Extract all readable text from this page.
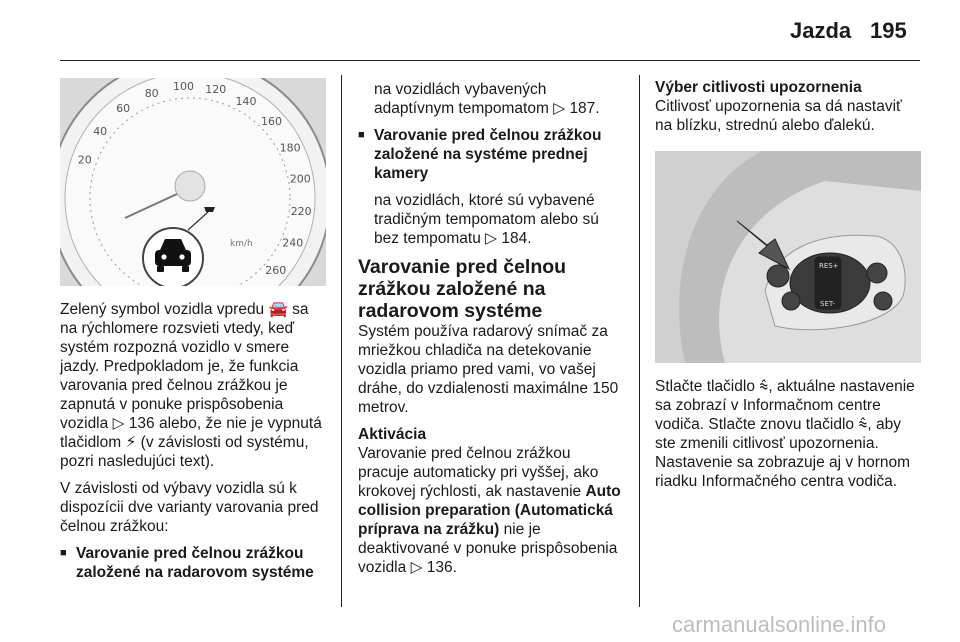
Jazda 195
20
40
60
80
100 120
140
160
180
200
220
240
260
km/h

Zelený symbol vozidla vpredu 🚘 sa na rýchlomere rozsvieti vtedy, keď systém rozpozná vozidlo v smere jazdy. Predpokladom je, že funkcia varovania pred čelnou zrážkou je zapnutá v ponuke prispôsobenia vozidla ▷ 136 alebo, že nie je vypnutá tlačidlom ⚡ (v závislosti od systému, pozri nasledujúci text).

V závislosti od výbavy vozidla sú k dispozícii dve varianty varovania pred čelnou zrážkou:

■ Varovanie pred čelnou zrážkou založené na radarovom systéme
na vozidlách vybavených adaptívnym tempomatom ▷ 187.
■ Varovanie pred čelnou zrážkou založené na systéme prednej kamery
na vozidlách, ktoré sú vybavené tradičným tempomatom alebo sú bez tempomatu ▷ 184.
Varovanie pred čelnou zrážkou založené na radarovom systéme

Systém používa radarový snímač za mriežkou chladiča na detekovanie vozidla priamo pred vami, vo vašej dráhe, do vzdialenosti maximálne 150 metrov.

Aktivácia

Varovanie pred čelnou zrážkou pracuje automaticky pri vyššej, ako krokovej rýchlosti, ak nastavenie Auto collision preparation (Automatická príprava na zrážku) nie je deaktivované v ponuke prispôsobenia vozidla ▷ 136.

Výber citlivosti upozornenia

Citlivosť upozornenia sa dá nastaviť na blízku, strednú alebo ďalekú.

RES+
SET-

Stlačte tlačidlo ⩯, aktuálne nastavenie sa zobrazí v Informačnom centre vodiča. Stlačte znovu tlačidlo ⩯, aby ste zmenili citlivosť upozornenia. Nastavenie sa zobrazuje aj v hornom riadku Informačného centra vodiča.

carmanualsonline.info
